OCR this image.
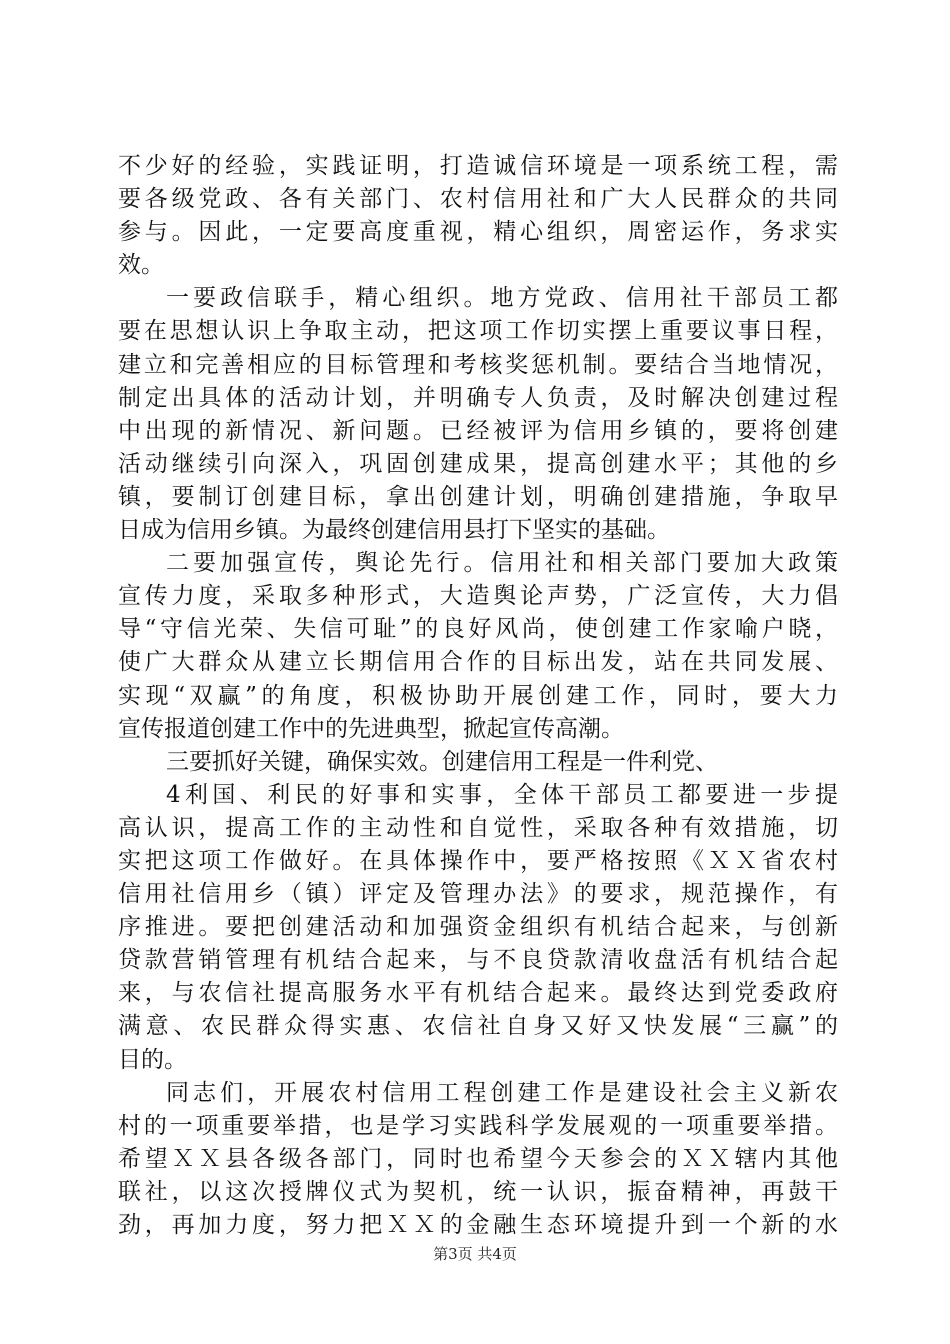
不少好的经验，实践证明，打造诚信环境是一项系统工程，需
要各级党政、各有关部门、农村信用社和广大人民群众的共同
参与。因此，一定要高度重视，精心组织，周密运作，务求实
效。
一要政信联手，精心组织。地方党政、信用社干部员工都
要在思想认识上争取主动，把这项工作切实摆上重要议事日程，
建立和完善相应的目标管理和考核奖惩机制。要结合当地情况，
制定出具体的活动计划，并明确专人负责，及时解决创建过程
中出现的新情况、新问题。已经被评为信用乡镇的，要将创建
活动继续引向深入，巩固创建成果，提高创建水平；其他的乡
镇，要制订创建目标，拿出创建计划，明确创建措施，争取早
日成为信用乡镇。为最终创建信用县打下坚实的基础。
二要加强宣传，舆论先行。信用社和相关部门要加大政策
宣传力度，采取多种形式，大造舆论声势，广泛宣传，大力倡
导“守信光荣、失信可耻”的良好风尚，使创建工作家喻户晓，
使广大群众从建立长期信用合作的目标出发，站在共同发展、
实现“双赢”的角度，积极协助开展创建工作，同时，要大力
宣传报道创建工作中的先进典型，掀起宣传高潮。
三要抓好关键，确保实效。创建信用工程是一件利党、
4利国、利民的好事和实事，全体干部员工都要进一步提
高认识，提高工作的主动性和自觉性，采取各种有效措施，切
实把这项工作做好。在具体操作中，要严格按照《ＸＸ省农村
信用社信用乡（镇）评定及管理办法》的要求，规范操作，有
序推进。要把创建活动和加强资金组织有机结合起来，与创新
贷款营销管理有机结合起来，与不良贷款清收盘活有机结合起
来，与农信社提高服务水平有机结合起来。最终达到党委政府
满意、农民群众得实惠、农信社自身又好又快发展“三赢”的
目的。
同志们，开展农村信用工程创建工作是建设社会主义新农
村的一项重要举措，也是学习实践科学发展观的一项重要举措。
希望ＸＸ县各级各部门，同时也希望今天参会的ＸＸ辖内其他
联社，以这次授牌仪式为契机，统一认识，振奋精神，再鼓干
劲，再加力度，努力把ＸＸ的金融生态环境提升到一个新的水
第3页 共4页
